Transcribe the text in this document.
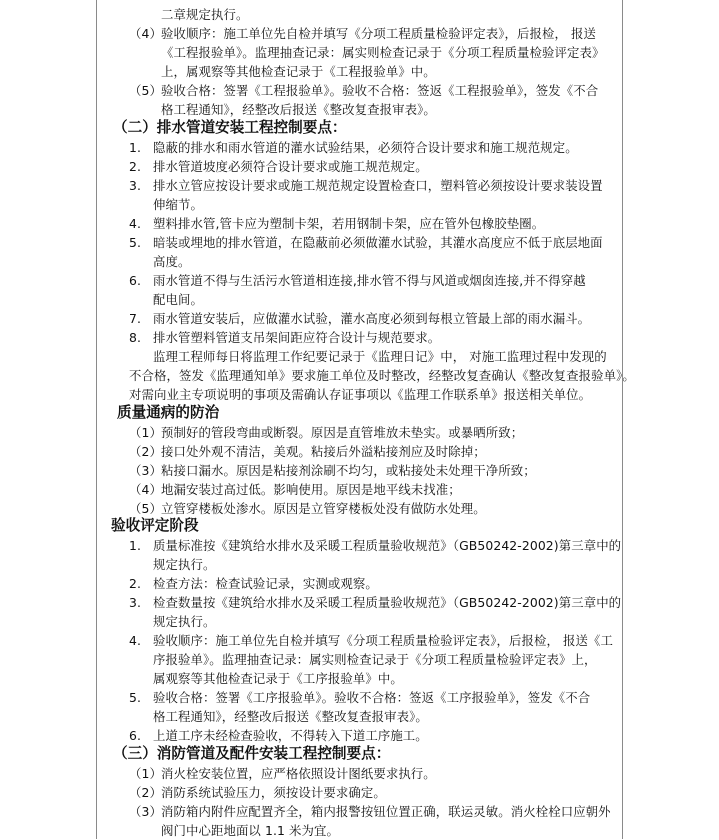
二章规定执行。
（4） 验收顺序：施工单位先自检并填写《分项工程质量检验评定表》，后报检， 报送
《工程报验单》。监理抽查记录：属实则检查记录于《分项工程质量检验评定表》
上，属观察等其他检查记录于《工程报验单》中。
（5） 验收合格：签署《工程报验单》。验收不合格：签返《工程报验单》，签发《不合
格工程通知》，经整改后报送《整改复查报审表》。
（二）排水管道安装工程控制要点：
1. 隐蔽的排水和雨水管道的灌水试验结果，必须符合设计要求和施工规范规定。
2. 排水管道坡度必须符合设计要求或施工规范规定。
3. 排水立管应按设计要求或施工规范规定设置检查口，塑料管必须按设计要求装设置
伸缩节。
4. 塑料排水管,管卡应为塑制卡架，若用钢制卡架，应在管外包橡胶垫圈。
5. 暗装或埋地的排水管道，在隐蔽前必须做灌水试验，其灌水高度应不低于底层地面
高度。
6. 雨水管道不得与生活污水管道相连接,排水管不得与风道或烟囱连接,并不得穿越
配电间。
7. 雨水管道安装后，应做灌水试验，灌水高度必须到每根立管最上部的雨水漏斗。
8. 排水管塑料管道支吊架间距应符合设计与规范要求。
监理工程师每日将监理工作纪要记录于《监理日记》中， 对施工监理过程中发现的
不合格，签发《监理通知单》要求施工单位及时整改，经整改复查确认《整改复查报验单》。
对需向业主专项说明的事项及需确认存证事项以《监理工作联系单》报送相关单位。
质量通病的防治
（1） 预制好的管段弯曲或断裂。原因是直管堆放未垫实。或暴晒所致；
（2） 接口处外观不清洁，美观。粘接后外溢粘接剂应及时除掉；
（3） 粘接口漏水。原因是粘接剂涂刷不均匀，或粘接处未处理干净所致；
（4） 地漏安装过高过低。影响使用。原因是地平线未找准；
（5） 立管穿楼板处渗水。原因是立管穿楼板处没有做防水处理。
验收评定阶段
1. 质量标准按《建筑给水排水及采暖工程质量验收规范》（GB50242-2002)第三章中的
规定执行。
2. 检查方法：检查试验记录，实测或观察。
3. 检查数量按《建筑给水排水及采暖工程质量验收规范》（GB50242-2002)第三章中的
规定执行。
4. 验收顺序：施工单位先自检并填写《分项工程质量检验评定表》，后报检， 报送《工
序报验单》。监理抽查记录：属实则检查记录于《分项工程质量检验评定表》上，
属观察等其他检查记录于《工序报验单》中。
5. 验收合格：签署《工序报验单》。验收不合格：签返《工序报验单》，签发《不合
格工程通知》，经整改后报送《整改复查报审表》。
6. 上道工序未经检查验收，不得转入下道工序施工。
（三）消防管道及配件安装工程控制要点：
（1） 消火栓安装位置，应严格依照设计图纸要求执行。
（2） 消防系统试验压力，须按设计要求确定。
（3） 消防箱内附件应配置齐全，箱内报警按钮位置正确，联运灵敏。消火栓栓口应朝外
阀门中心距地面以 1.1 米为宜。
